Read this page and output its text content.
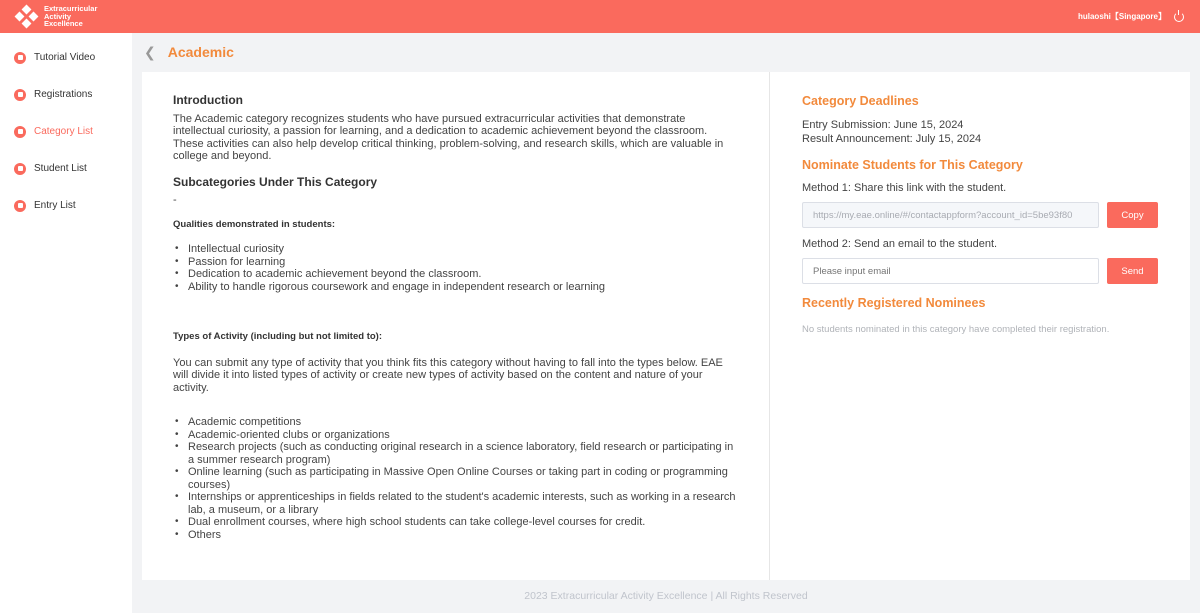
Extracurricular
Activity
Excellence
hulaoshi【Singapore】
Tutorial Video
Registrations
Category List
Student List
Entry List
❮ Academic
Introduction
The Academic category recognizes students who have pursued extracurricular activities that demonstrate intellectual curiosity, a passion for learning, and a dedication to academic achievement beyond the classroom. These activities can also help develop critical thinking, problem-solving, and research skills, which are valuable in college and beyond.
Subcategories Under This Category
-
Qualities demonstrated in students:
• Intellectual curiosity
• Passion for learning
• Dedication to academic achievement beyond the classroom.
• Ability to handle rigorous coursework and engage in independent research or learning
Types of Activity (including but not limited to):
You can submit any type of activity that you think fits this category without having to fall into the types below. EAE will divide it into listed types of activity or create new types of activity based on the content and nature of your activity.
• Academic competitions
• Academic-oriented clubs or organizations
• Research projects (such as conducting original research in a science laboratory, field research or participating in a summer research program)
• Online learning (such as participating in Massive Open Online Courses or taking part in coding or programming courses)
• Internships or apprenticeships in fields related to the student's academic interests, such as working in a research lab, a museum, or a library
• Dual enrollment courses, where high school students can take college-level courses for credit.
• Others
Category Deadlines
Entry Submission: June 15, 2024
Result Announcement: July 15, 2024
Nominate Students for This Category
Method 1: Share this link with the student.
https://my.eae.online/#/contactappform?account_id=5be93f80	Copy
Method 2: Send an email to the student.
Please input email
Send
Recently Registered Nominees
No students nominated in this category have completed their registration.
2023 Extracurricular Activity Excellence | All Rights Reserved
